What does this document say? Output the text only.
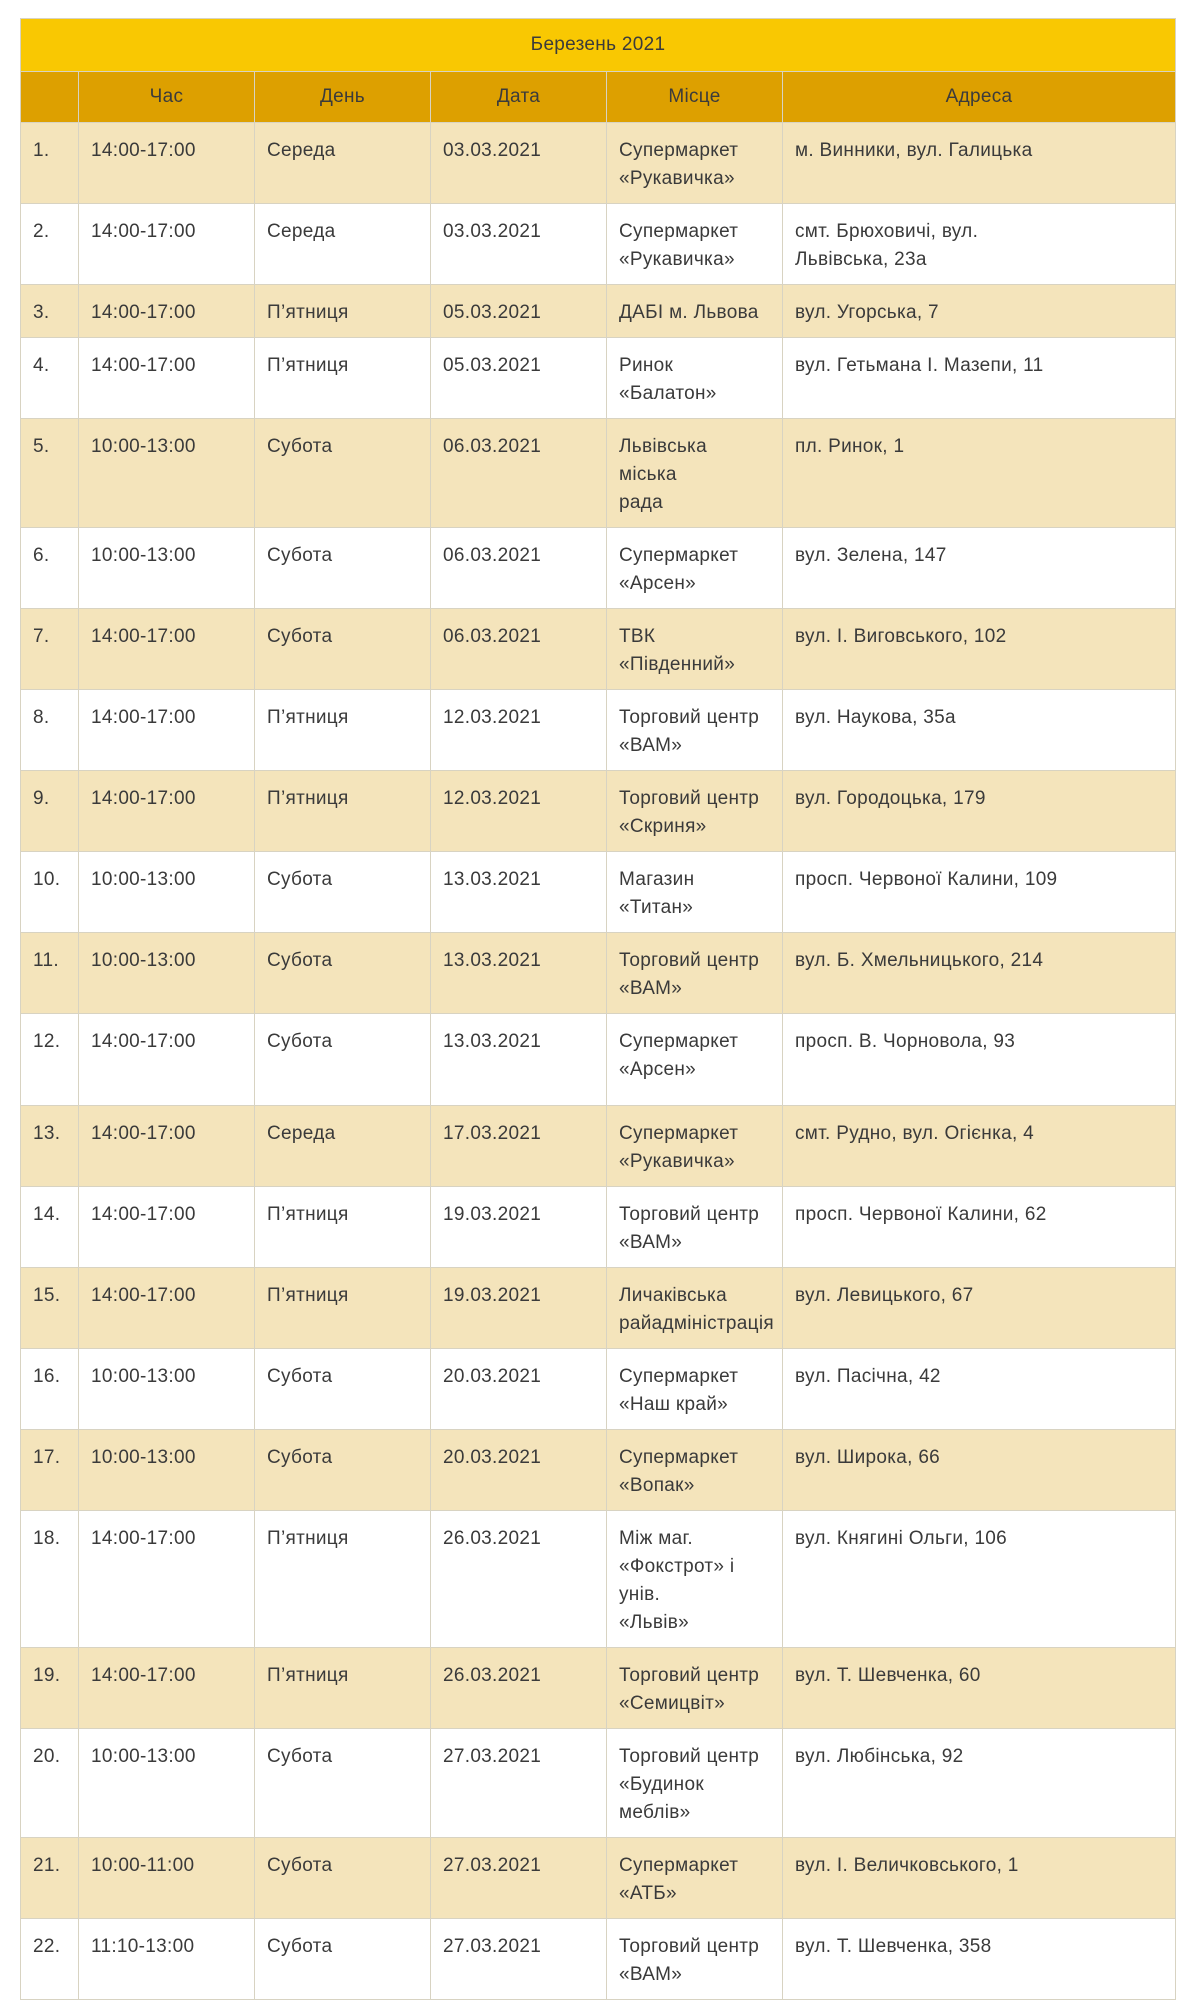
Березень 2021					
	Час	День	Дата	Місце	Адреса
1.	14:00-17:00	Середа	03.03.2021	Супермаркет
«Рукавичка»	м. Винники, вул. Галицька

2.	14:00-17:00	Середа	03.03.2021	Супермаркет
«Рукавичка»	смт. Брюховичі, вул.
Львівська, 23а

3.	14:00-17:00	П’ятниця	05.03.2021	ДАБІ м. Львова	вул. Угорська, 7

4.	14:00-17:00	П’ятниця	05.03.2021	Ринок «Балатон»	вул. Гетьмана І. Мазепи, 11

5.	10:00-13:00	Субота	06.03.2021	Львівська міська
рада	пл. Ринок, 1

6.	10:00-13:00	Субота	06.03.2021	Супермаркет
«Арсен»	вул. Зелена, 147

7.	14:00-17:00	Субота	06.03.2021	ТВК «Південний»	вул. І. Виговського, 102

8.	14:00-17:00	П’ятниця	12.03.2021	Торговий центр
«ВАМ»	вул. Наукова, 35а

9.	14:00-17:00	П’ятниця	12.03.2021	Торговий центр
«Скриня»	вул. Городоцька, 179

10.	10:00-13:00	Субота	13.03.2021	Магазин «Титан»	просп. Червоної Калини, 109

11.	10:00-13:00	Субота	13.03.2021	Торговий центр
«ВАМ»	вул. Б. Хмельницького, 214

12.	14:00-17:00	Субота	13.03.2021	Супермаркет
«Арсен»	просп. В. Чорновола, 93

13.	14:00-17:00	Середа	17.03.2021	Супермаркет
«Рукавичка»	смт. Рудно, вул. Огієнка, 4

14.	14:00-17:00	П’ятниця	19.03.2021	Торговий центр
«ВАМ»	просп. Червоної Калини, 62

15.	14:00-17:00	П’ятниця	19.03.2021	Личаківська
райадміністрація	вул. Левицького, 67

16.	10:00-13:00	Субота	20.03.2021	Супермаркет
«Наш край»	вул. Пасічна, 42

17.	10:00-13:00	Субота	20.03.2021	Супермаркет
«Вопак»	вул. Широка, 66

18.	14:00-17:00	П’ятниця	26.03.2021	Між маг.
«Фокстрот» і унів.
«Львів»	вул. Княгині Ольги, 106

19.	14:00-17:00	П’ятниця	26.03.2021	Торговий центр
«Семицвіт»	вул. Т. Шевченка, 60

20.	10:00-13:00	Субота	27.03.2021	Торговий центр
«Будинок меблів»	вул. Любінська, 92

21.	10:00-11:00	Субота	27.03.2021	Супермаркет
«АТБ»	вул. І. Величковського, 1

22.	11:10-13:00	Субота	27.03.2021	Торговий центр
«ВАМ»	вул. Т. Шевченка, 358
